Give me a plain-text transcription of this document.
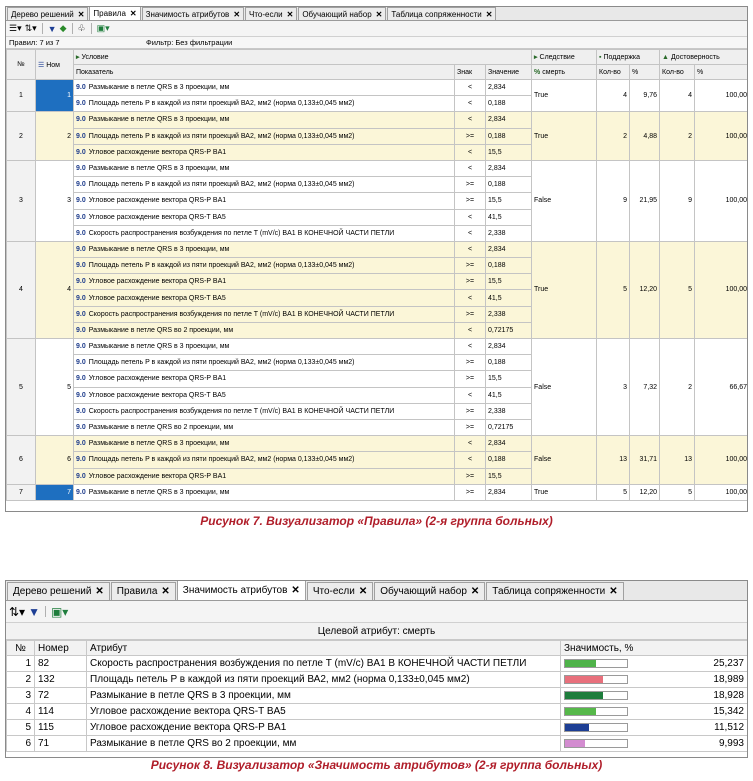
Дерево решений ✕ Правила ✕ Значимость атрибутов ✕ Что-если ✕ Обучающий набор ✕ Таблица сопряженности ✕
☰▾ ⇅▾ ▼ ◆ ♧ ▣▾
Правил: 7 из 7	Фильтр: Без фильтрации
№	☰ Ном	▸ Условие			▸ Следствие	▪ Поддержка		▲ Достоверность	
		Показатель	Знак	Значение	% смерть	Кол-во	%	Кол-во	%
1	1	9.0 Размыкание в петле QRS в 3 проекции, мм	<	2,834	True	4	9,76	4	100,00
		9.0 Площадь петель P в каждой из пяти проекций ВА2, мм2 (норма 0,133±0,045 мм2)	<	0,188					
2	2	9.0 Размыкание в петле QRS в 3 проекции, мм	<	2,834	True	2	4,88	2	100,00
		9.0 Площадь петель P в каждой из пяти проекций ВА2, мм2 (норма 0,133±0,045 мм2)	>=	0,188					
		9.0 Угловое расхождение вектора QRS-P BA1	<	15,5					
3	3	9.0 Размыкание в петле QRS в 3 проекции, мм	<	2,834	False	9	21,95	9	100,00
		9.0 Площадь петель P в каждой из пяти проекций ВА2, мм2 (норма 0,133±0,045 мм2)	>=	0,188					
		9.0 Угловое расхождение вектора QRS-P BA1	>=	15,5					
		9.0 Угловое расхождение вектора QRS-T BA5	<	41,5					
		9.0 Скорость распространения возбуждения по петле T (mV/c) BA1 В КОНЕЧНОЙ ЧАСТИ ПЕТЛИ	<	2,338					
4	4	9.0 Размыкание в петле QRS в 3 проекции, мм	<	2,834	True	5	12,20	5	100,00
		9.0 Площадь петель P в каждой из пяти проекций ВА2, мм2 (норма 0,133±0,045 мм2)	>=	0,188					
		9.0 Угловое расхождение вектора QRS-P BA1	>=	15,5					
		9.0 Угловое расхождение вектора QRS-T BA5	<	41,5					
		9.0 Скорость распространения возбуждения по петле T (mV/c) BA1 В КОНЕЧНОЙ ЧАСТИ ПЕТЛИ	>=	2,338					
		9.0 Размыкание в петле QRS во 2 проекции, мм	<	0,72175					
5	5	9.0 Размыкание в петле QRS в 3 проекции, мм	<	2,834	False	3	7,32	2	66,67
		9.0 Площадь петель P в каждой из пяти проекций ВА2, мм2 (норма 0,133±0,045 мм2)	>=	0,188					
		9.0 Угловое расхождение вектора QRS-P BA1	>=	15,5					
		9.0 Угловое расхождение вектора QRS-T BA5	<	41,5					
		9.0 Скорость распространения возбуждения по петле T (mV/c) BA1 В КОНЕЧНОЙ ЧАСТИ ПЕТЛИ	>=	2,338					
		9.0 Размыкание в петле QRS во 2 проекции, мм	>=	0,72175					
6	6	9.0 Размыкание в петле QRS в 3 проекции, мм	<	2,834	False	13	31,71	13	100,00
		9.0 Площадь петель P в каждой из пяти проекций ВА2, мм2 (норма 0,133±0,045 мм2)	<	0,188					
		9.0 Угловое расхождение вектора QRS-P BA1	>=	15,5					
7	7	9.0 Размыкание в петле QRS в 3 проекции, мм	>=	2,834	True	5	12,20	5	100,00
Рисунок 7. Визуализатор «Правила» (2-я группа больных)
Дерево решений ✕ Правила ✕ Значимость атрибутов ✕ Что-если ✕ Обучающий набор ✕ Таблица сопряженности ✕
⇅▾ ▼ ▣▾
Целевой атрибут: смерть
№	Номер	Атрибут	Значимость, %
1	82	Скорость распространения возбуждения по петле T (mV/c) BA1 В КОНЕЧНОЙ ЧАСТИ ПЕТЛИ	25,237

2	132	Площадь петель P в каждой из пяти проекций ВА2, мм2 (норма 0,133±0,045 мм2)	18,989

3	72	Размыкание в петле QRS в 3 проекции, мм	18,928

4	114	Угловое расхождение вектора QRS-T BA5	15,342

5	115	Угловое расхождение вектора QRS-P BA1	11,512

6	71	Размыкание в петле QRS во 2 проекции, мм	9,993
Рисунок 8. Визуализатор «Значимость атрибутов» (2-я группа больных)
